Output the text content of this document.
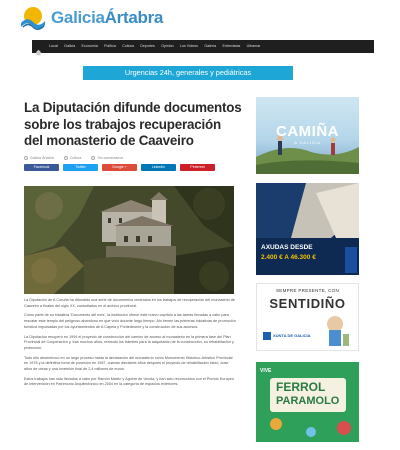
GaliciaÁrtabra
Local	Galicia	Economía	Política	Cultura	Deportes	Opinión	Los Vídeos	Galería	Entrevistas	Ultramar
Urgencias 24h, generales y pediátricas
La Diputación difunde documentos sobre los trabajos recuperación del monasterio de Caaveiro
Galicia Ártabra	Cultura	Sin comentarios
Facebook	Twitter	Google +	LinkedIn	Pinterest

La Diputación de A Coruña ha difundido una serie de documentos centrados en los trabajos de recuperación del monasterio de Caaveiro a finales del siglo XX, custodiados en el archivo provincial.

Como parte de su iniciativa 'Documento del mes', la institución ofrece este nuevo capítulo a las tareas llevadas a cabo para rescatar este templo del peligroso abandono en que vivió durante largo tiempo. Ahí tienen las primeras iniciativas de promoción turística impulsadas por los ayuntamientos de A Capela y Pontedeume y la construcción de sus accesos.

La Diputación recuperó en 1994 el proyecto de construcción del camino de acceso al monasterio en la primera fase del Plan Provincial de Cooperación y, tras muchos años, reanudó los trámites para la adquisición de la construcción, su rehabilitación y protección.

Todo ello desembocó en un largo proceso hasta la declaración del monasterio como Monumento Histórico-Artístico Provincial en 1975 y la definitiva toma de posesión en 1987, cuando diecisiete años después el proyecto de rehabilitación inició, dose años de obras y una inversión final de 2,4 millones de euros.

Estos trabajos han sido llevados a cabo por Ramón Martín y Aguirre de Urcola, y han sido reconocidos con el Premio Europeo de Intervención en Patrimonio Arquitectónico en 2004 en la categoría de espacios exteriores.

CAMIÑA
A GALICIA
AXUDAS DESDE
2.400 € A 46.300 €
SEMPRE PRESENTE, CON
SENTIDIÑO
XUNTA DE GALICIA
VIVE
FERROL
PARAMOLO
